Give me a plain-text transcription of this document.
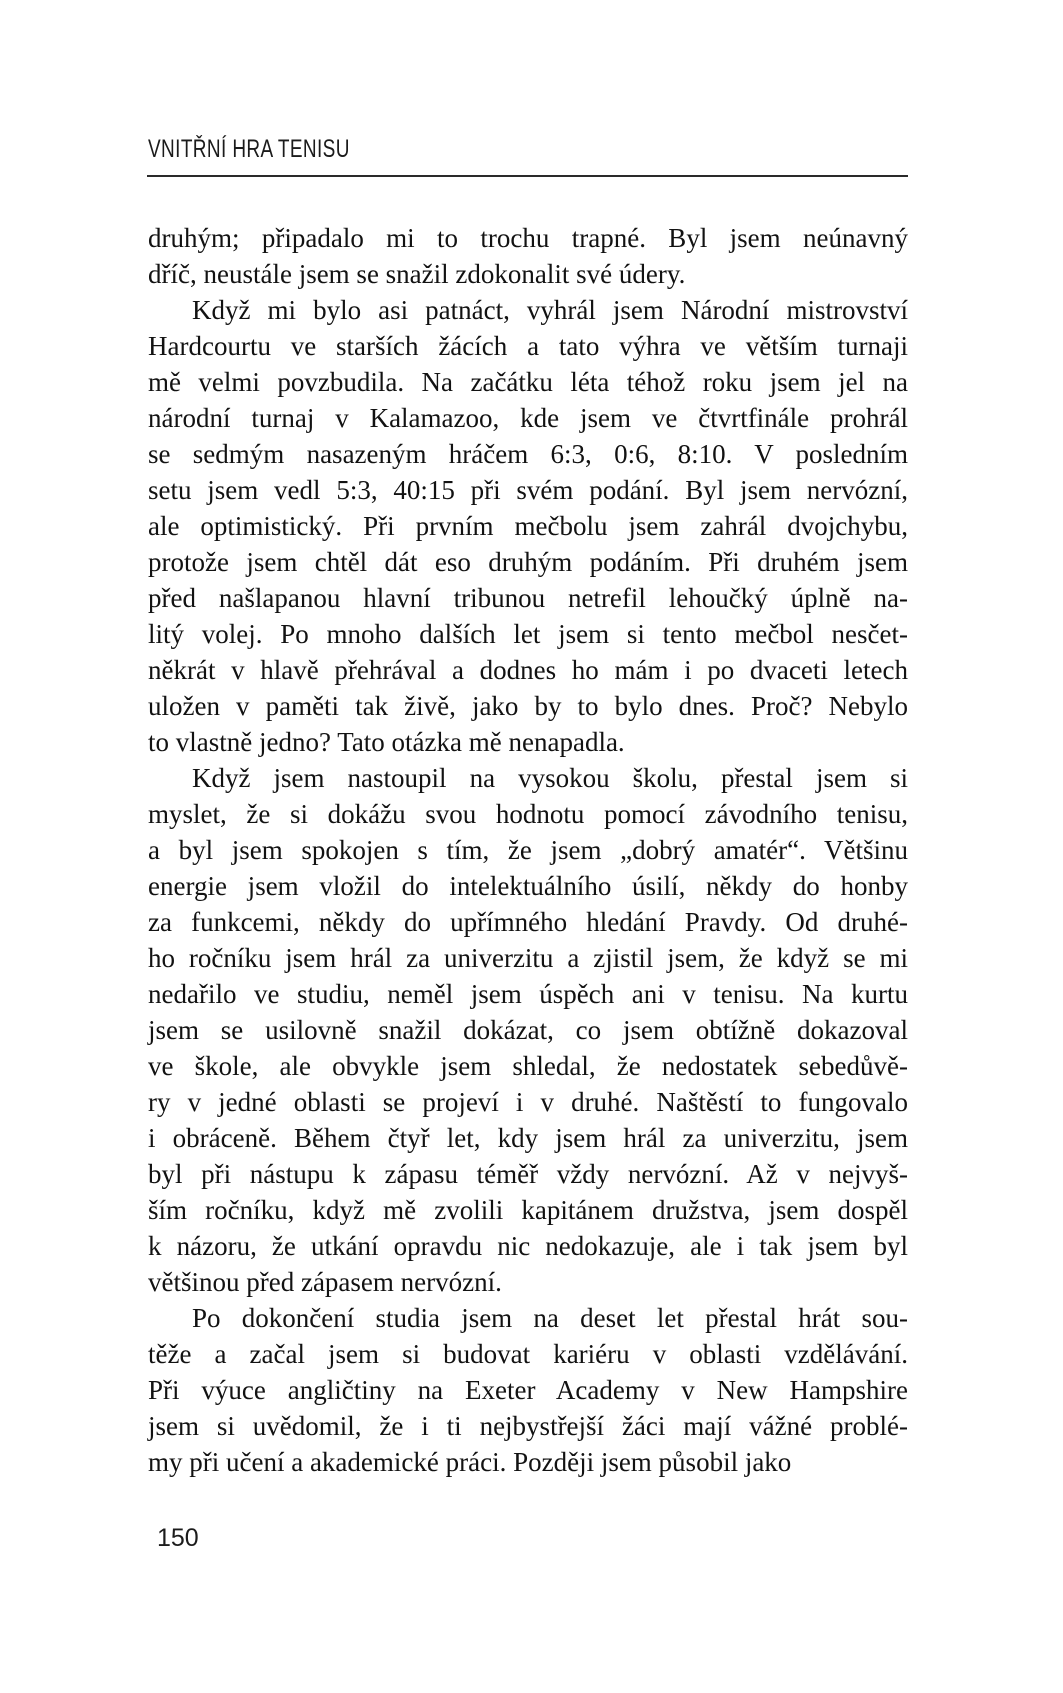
VNITŘNÍ HRA TENISU
druhým; připadalo mi to trochu trapné. Byl jsem neúnavný
dříč, neustále jsem se snažil zdokonalit své údery.
Když mi bylo asi patnáct, vyhrál jsem Národní mistrovství
Hardcourtu ve starších žácích a tato výhra ve větším turnaji
mě velmi povzbudila. Na začátku léta téhož roku jsem jel na
národní turnaj v Kalamazoo, kde jsem ve čtvrtfinále prohrál
se sedmým nasazeným hráčem 6:3, 0:6, 8:10. V posledním
setu jsem vedl 5:3, 40:15 při svém podání. Byl jsem nervózní,
ale optimistický. Při prvním mečbolu jsem zahrál dvojchybu,
protože jsem chtěl dát eso druhým podáním. Při druhém jsem
před našlapanou hlavní tribunou netrefil lehoučký úplně na-
litý volej. Po mnoho dalších let jsem si tento mečbol nesčet-
někrát v hlavě přehrával a dodnes ho mám i po dvaceti letech
uložen v paměti tak živě, jako by to bylo dnes. Proč? Nebylo
to vlastně jedno? Tato otázka mě nenapadla.
Když jsem nastoupil na vysokou školu, přestal jsem si
myslet, že si dokážu svou hodnotu pomocí závodního tenisu,
a byl jsem spokojen s tím, že jsem „dobrý amatér“. Většinu
energie jsem vložil do intelektuálního úsilí, někdy do honby
za funkcemi, někdy do upřímného hledání Pravdy. Od druhé-
ho ročníku jsem hrál za univerzitu a zjistil jsem, že když se mi
nedařilo ve studiu, neměl jsem úspěch ani v tenisu. Na kurtu
jsem se usilovně snažil dokázat, co jsem obtížně dokazoval
ve škole, ale obvykle jsem shledal, že nedostatek sebedůvě-
ry v jedné oblasti se projeví i v druhé. Naštěstí to fungovalo
i obráceně. Během čtyř let, kdy jsem hrál za univerzitu, jsem
byl při nástupu k zápasu téměř vždy nervózní. Až v nejvyš-
ším ročníku, když mě zvolili kapitánem družstva, jsem dospěl
k názoru, že utkání opravdu nic nedokazuje, ale i tak jsem byl
většinou před zápasem nervózní.
Po dokončení studia jsem na deset let přestal hrát sou-
těže a začal jsem si budovat kariéru v oblasti vzdělávání.
Při výuce angličtiny na Exeter Academy v New Hampshire
jsem si uvědomil, že i ti nejbystřejší žáci mají vážné problé-
my při učení a akademické práci. Později jsem působil jako
150
